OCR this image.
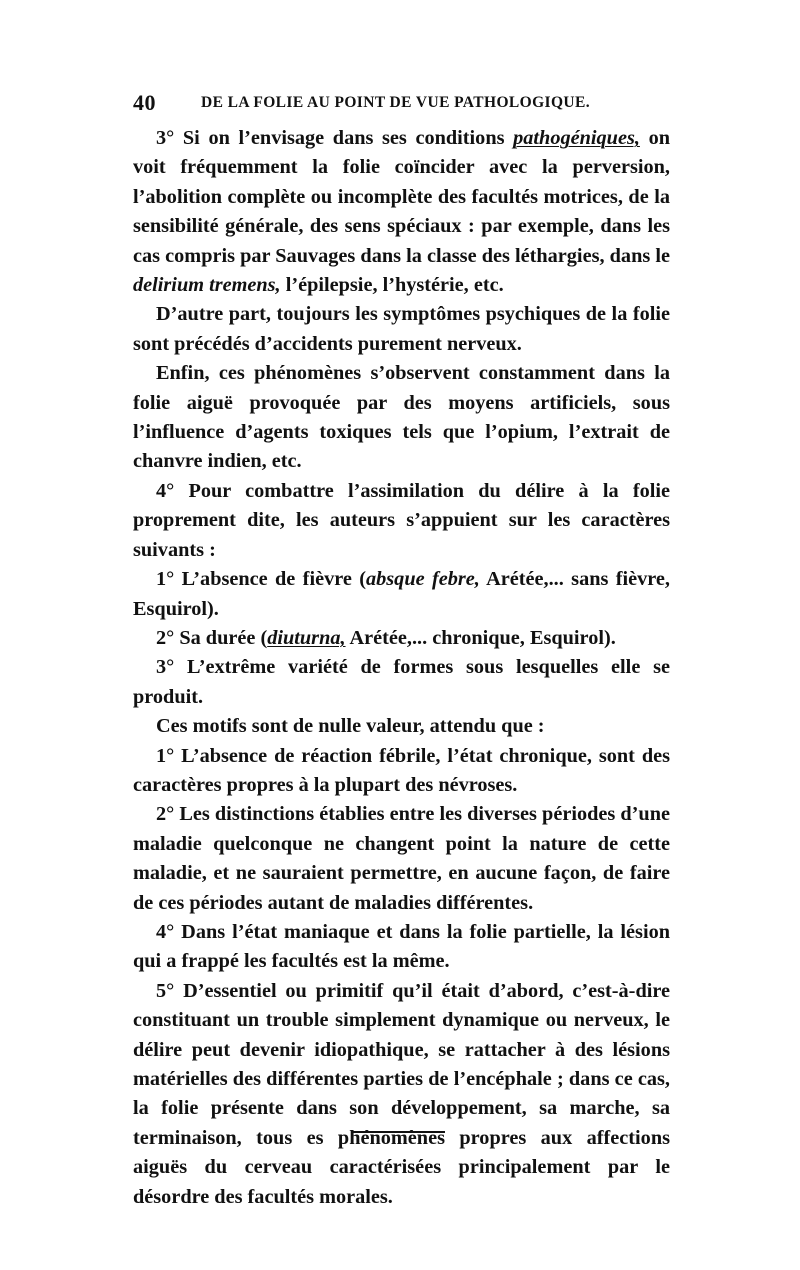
40	DE LA FOLIE AU POINT DE VUE PATHOLOGIQUE.

3° Si on l’envisage dans ses conditions pathogéniques, on voit fréquemment la folie coïncider avec la perversion, l’abolition complète ou incomplète des facultés motrices, de la sensibilité générale, des sens spéciaux : par exemple, dans les cas compris par Sauvages dans la classe des léthargies, dans le delirium tremens, l’épilepsie, l’hystérie, etc.

D’autre part, toujours les symptômes psychiques de la folie sont précédés d’accidents purement nerveux.

Enfin, ces phénomènes s’observent constamment dans la folie aiguë provoquée par des moyens artificiels, sous l’influence d’agents toxiques tels que l’opium, l’extrait de chanvre indien, etc.

4° Pour combattre l’assimilation du délire à la folie proprement dite, les auteurs s’appuient sur les caractères suivants :

1° L’absence de fièvre (absque febre, Arétée,... sans fièvre, Esquirol).

2° Sa durée (diuturna, Arétée,... chronique, Esquirol).

3° L’extrême variété de formes sous lesquelles elle se produit.

Ces motifs sont de nulle valeur, attendu que :

1° L’absence de réaction fébrile, l’état chronique, sont des caractères propres à la plupart des névroses.

2° Les distinctions établies entre les diverses périodes d’une maladie quelconque ne changent point la nature de cette maladie, et ne sauraient permettre, en aucune façon, de faire de ces périodes autant de maladies différentes.

4° Dans l’état maniaque et dans la folie partielle, la lésion qui a frappé les facultés est la même.

5° D’essentiel ou primitif qu’il était d’abord, c’est-à-dire constituant un trouble simplement dynamique ou nerveux, le délire peut devenir idiopathique, se rattacher à des lésions matérielles des différentes parties de l’encéphale ; dans ce cas, la folie présente dans son développement, sa marche, sa terminaison, tous es phénomènes propres aux affections aiguës du cerveau caractérisées principalement par le désordre des facultés morales.
